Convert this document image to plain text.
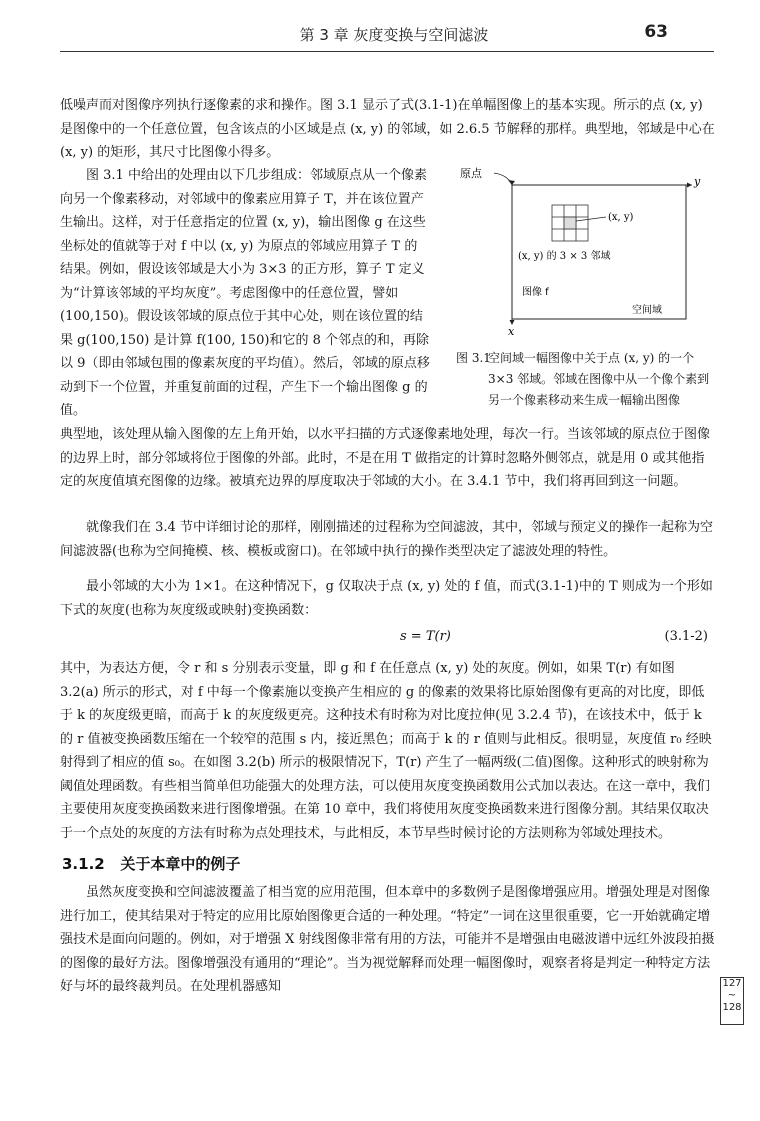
第 3 章 灰度变换与空间滤波	63

低噪声而对图像序列执行逐像素的求和操作。图 3.1 显示了式(3.1-1)在单幅图像上的基本实现。所示的点 (x, y) 是图像中的一个任意位置，包含该点的小区域是点 (x, y) 的邻域，如 2.6.5 节解释的那样。典型地，邻域是中心在 (x, y) 的矩形，其尺寸比图像小得多。

图 3.1 中给出的处理由以下几步组成：邻域原点从一个像素向另一个像素移动，对邻域中的像素应用算子 T，并在该位置产生输出。这样，对于任意指定的位置 (x, y)，输出图像 g 在这些坐标处的值就等于对 f 中以 (x, y) 为原点的邻域应用算子 T 的结果。例如，假设该邻域是大小为 3×3 的正方形，算子 T 定义为“计算该邻域的平均灰度”。考虑图像中的任意位置，譬如 (100,150)。假设该邻域的原点位于其中心处，则在该位置的结果 g(100,150) 是计算 f(100, 150)和它的 8 个邻点的和，再除以 9（即由邻域包围的像素灰度的平均值）。然后，邻域的原点移动到下一个位置，并重复前面的过程，产生下一个输出图像 g 的值。

典型地，该处理从输入图像的左上角开始，以水平扫描的方式逐像素地处理，每次一行。当该邻域的原点位于图像的边界上时，部分邻域将位于图像的外部。此时，不是在用 T 做指定的计算时忽略外侧邻点，就是用 0 或其他指定的灰度值填充图像的边缘。被填充边界的厚度取决于邻域的大小。在 3.4.1 节中，我们将再回到这一问题。

就像我们在 3.4 节中详细讨论的那样，刚刚描述的过程称为空间滤波，其中，邻域与预定义的操作一起称为空间滤波器(也称为空间掩模、核、模板或窗口)。在邻域中执行的操作类型决定了滤波处理的特性。

最小邻域的大小为 1×1。在这种情况下，g 仅取决于点 (x, y) 处的 f 值，而式(3.1-1)中的 T 则成为一个形如下式的灰度(也称为灰度级或映射)变换函数：

s = T(r)	(3.1-2)

其中，为表达方便，令 r 和 s 分别表示变量，即 g 和 f 在任意点 (x, y) 处的灰度。例如，如果 T(r) 有如图 3.2(a) 所示的形式，对 f 中每一个像素施以变换产生相应的 g 的像素的效果将比原始图像有更高的对比度，即低于 k 的灰度级更暗，而高于 k 的灰度级更亮。这种技术有时称为对比度拉伸(见 3.2.4 节)，在该技术中，低于 k 的 r 值被变换函数压缩在一个较窄的范围 s 内，接近黑色；而高于 k 的 r 值则与此相反。很明显，灰度值 r₀ 经映射得到了相应的值 s₀。在如图 3.2(b) 所示的极限情况下，T(r) 产生了一幅两级(二值)图像。这种形式的映射称为阈值处理函数。有些相当简单但功能强大的处理方法，可以使用灰度变换函数用公式加以表达。在这一章中，我们主要使用灰度变换函数来进行图像增强。在第 10 章中，我们将使用灰度变换函数来进行图像分割。其结果仅取决于一个点处的灰度的方法有时称为点处理技术，与此相反，本节早些时候讨论的方法则称为邻域处理技术。

3.1.2 关于本章中的例子

虽然灰度变换和空间滤波覆盖了相当宽的应用范围，但本章中的多数例子是图像增强应用。增强处理是对图像进行加工，使其结果对于特定的应用比原始图像更合适的一种处理。“特定”一词在这里很重要，它一开始就确定增强技术是面向问题的。例如，对于增强 X 射线图像非常有用的方法，可能并不是增强由电磁波谱中远红外波段拍摄的图像的最好方法。图像增强没有通用的“理论”。当为视觉解释而处理一幅图像时，观察者将是判定一种特定方法好与坏的最终裁判员。在处理机器感知

原点
y
x
(x, y)
(x, y) 的 3 × 3 邻域
图像 f
空间域
图 3.1
空间域一幅图像中关于点 (x, y) 的一个 3×3 邻域。邻域在图像中从一个像个素到另一个像素移动来生成一幅输出图像
127
~
128
